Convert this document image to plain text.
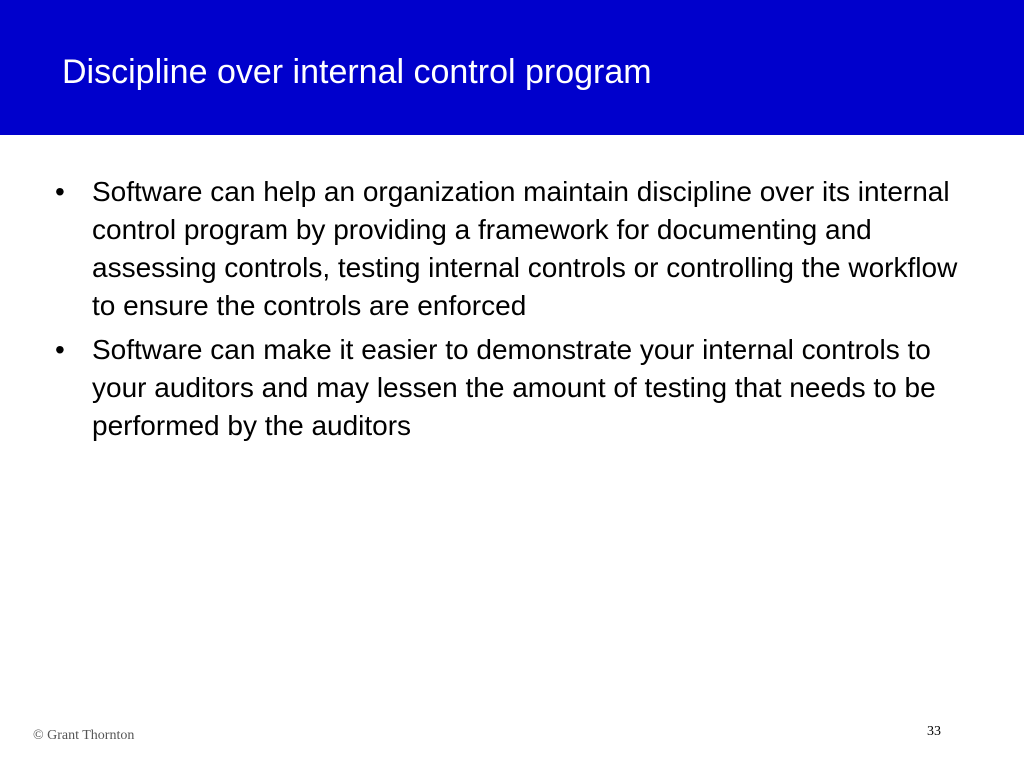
Discipline over internal control program
• Software can help an organization maintain discipline over its internal control program by providing a framework for documenting and assessing controls, testing internal controls or controlling the workflow to ensure the controls are enforced
• Software can make it easier to demonstrate your internal controls to your auditors and may lessen the amount of testing that needs to be performed by the auditors
© Grant Thornton	33
